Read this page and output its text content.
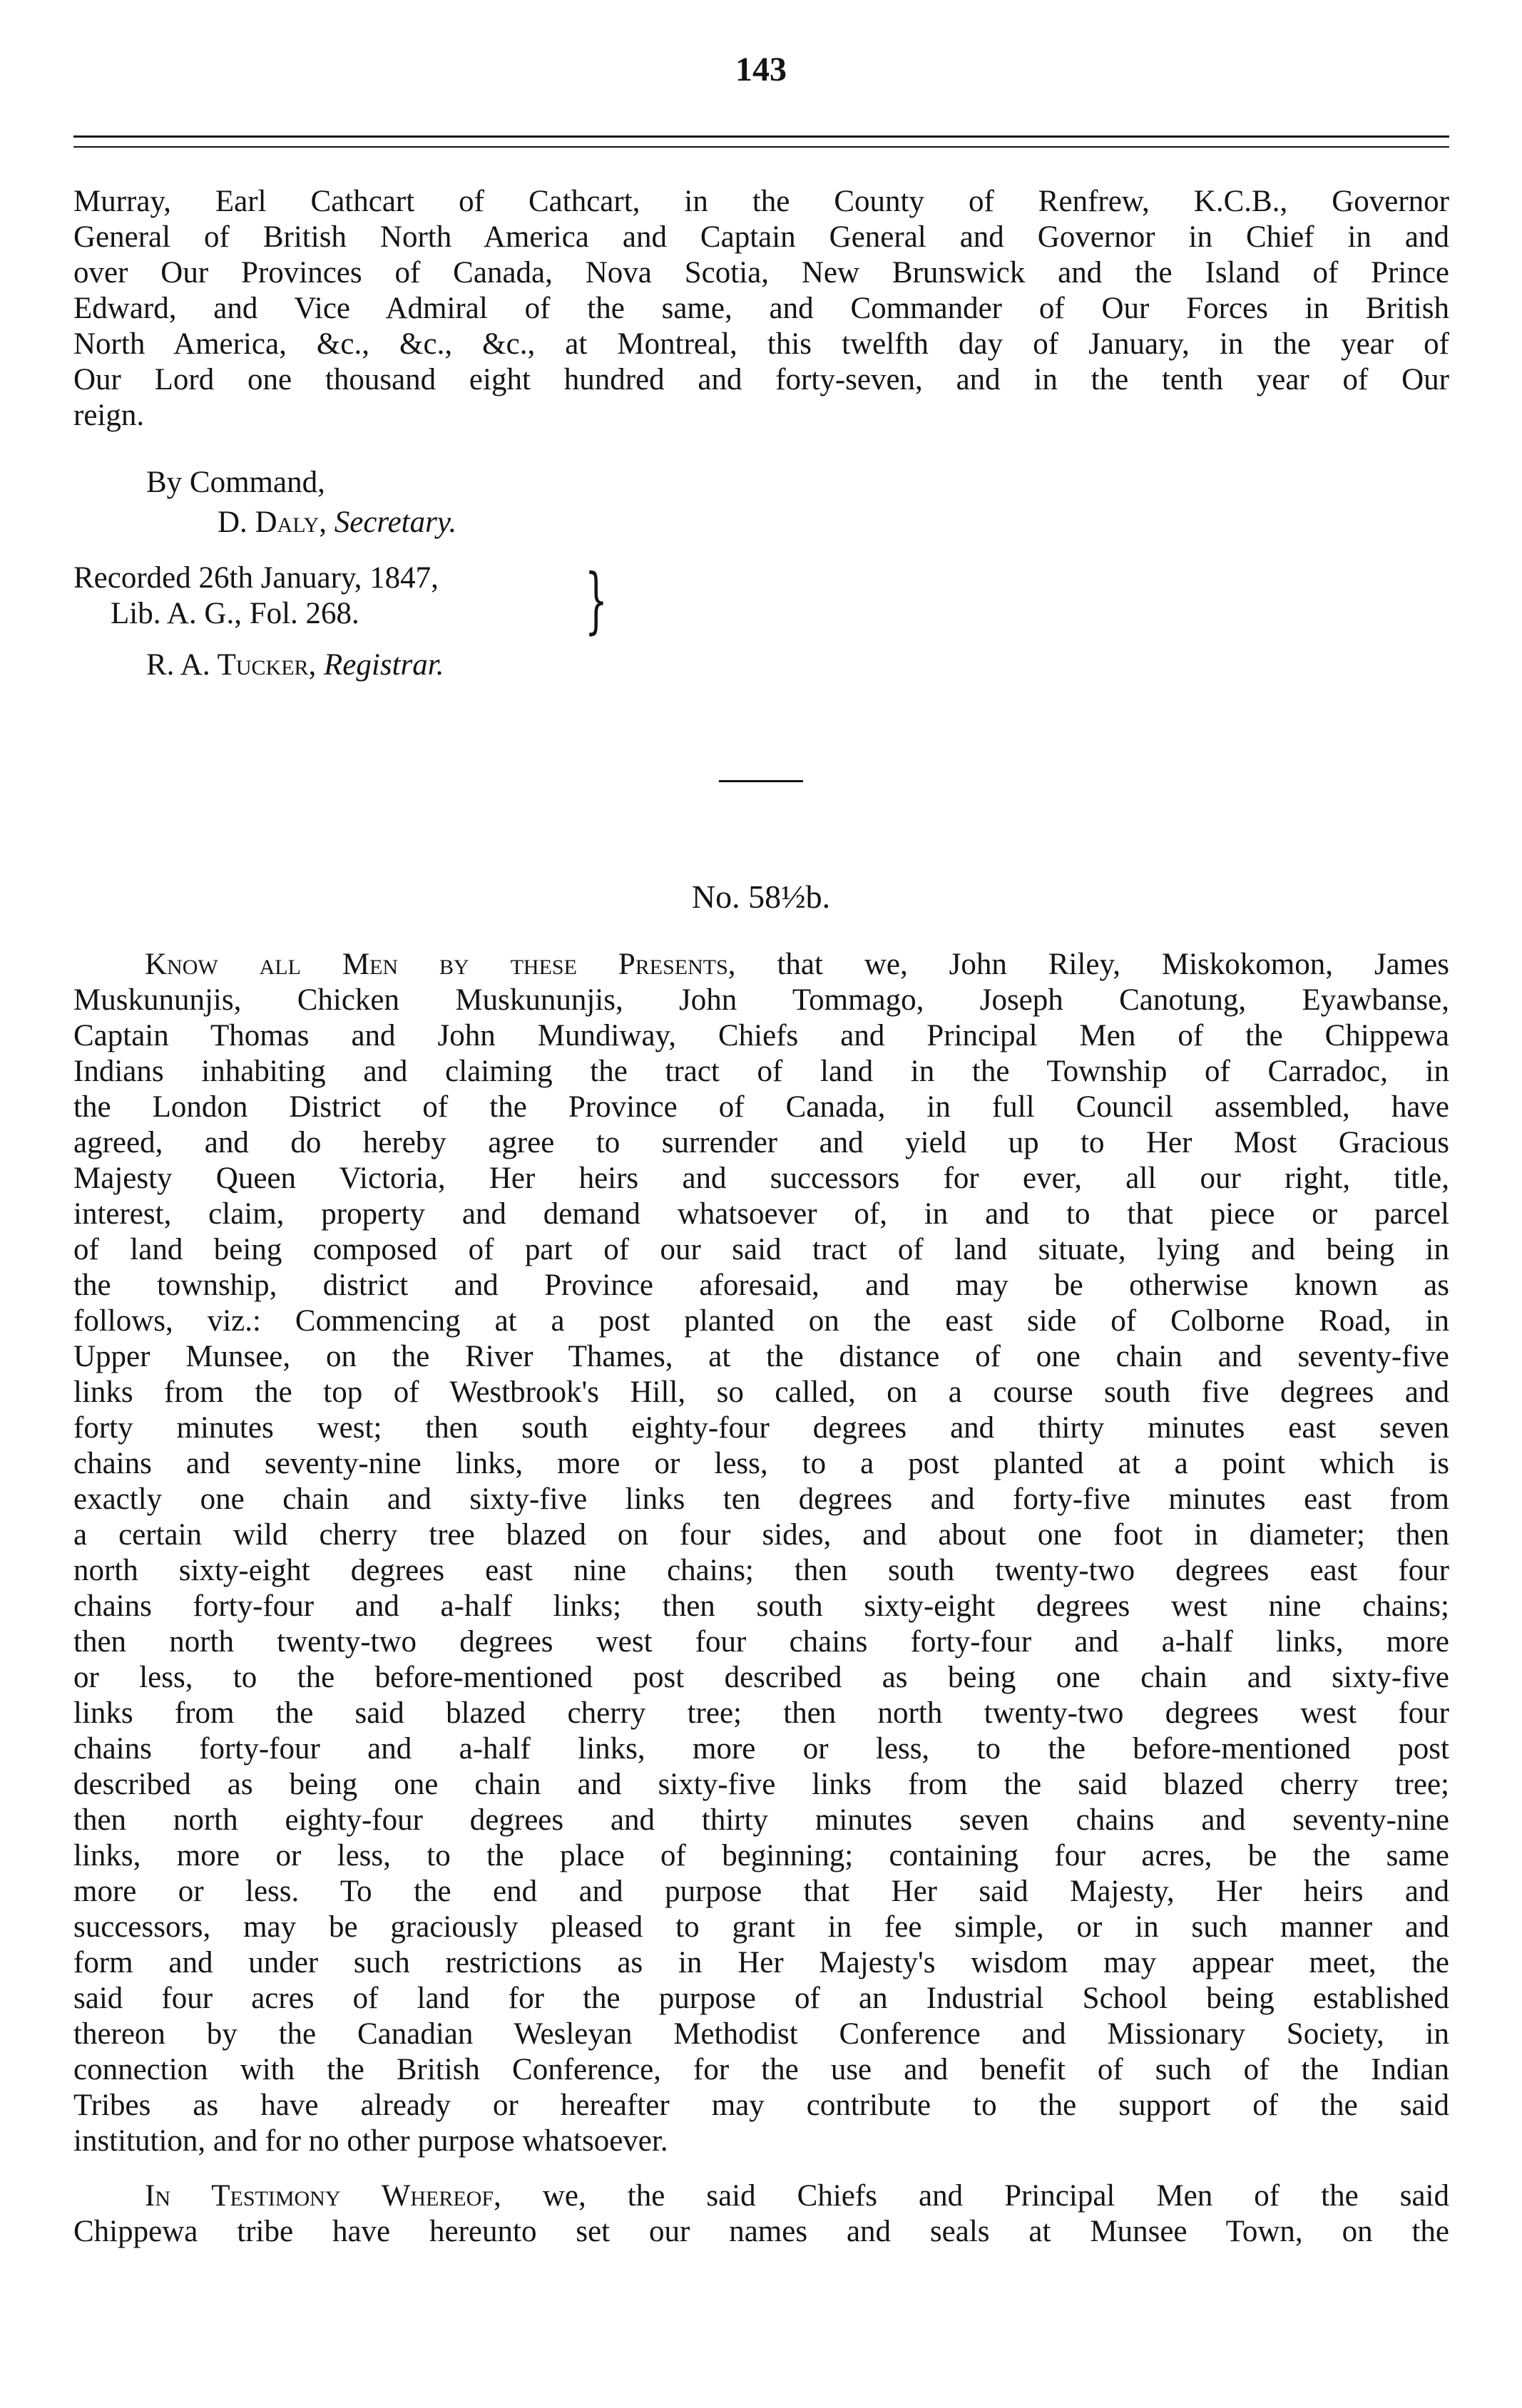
143
Murray, Earl Cathcart of Cathcart, in the County of Renfrew, K.C.B., Governor
General of British North America and Captain General and Governor in Chief in and
over Our Provinces of Canada, Nova Scotia, New Brunswick and the Island of Prince
Edward, and Vice Admiral of the same, and Commander of Our Forces in British
North America, &c., &c., &c., at Montreal, this twelfth day of January, in the year of
Our Lord one thousand eight hundred and forty-seven, and in the tenth year of Our
reign.
By Command,
D. Daly, Secretary.
Recorded 26th January, 1847,
Lib. A. G., Fol. 268.	}
R. A. Tucker, Registrar.
No. 58½b.
Know all Men by these Presents, that we, John Riley, Miskokomon, James
Muskununjis, Chicken Muskununjis, John Tommago, Joseph Canotung, Eyawbanse,
Captain Thomas and John Mundiway, Chiefs and Principal Men of the Chippewa
Indians inhabiting and claiming the tract of land in the Township of Carradoc, in
the London District of the Province of Canada, in full Council assembled, have
agreed, and do hereby agree to surrender and yield up to Her Most Gracious
Majesty Queen Victoria, Her heirs and successors for ever, all our right, title,
interest, claim, property and demand whatsoever of, in and to that piece or parcel
of land being composed of part of our said tract of land situate, lying and being in
the township, district and Province aforesaid, and may be otherwise known as
follows, viz.: Commencing at a post planted on the east side of Colborne Road, in
Upper Munsee, on the River Thames, at the distance of one chain and seventy-five
links from the top of Westbrook's Hill, so called, on a course south five degrees and
forty minutes west; then south eighty-four degrees and thirty minutes east seven
chains and seventy-nine links, more or less, to a post planted at a point which is
exactly one chain and sixty-five links ten degrees and forty-five minutes east from
a certain wild cherry tree blazed on four sides, and about one foot in diameter; then
north sixty-eight degrees east nine chains; then south twenty-two degrees east four
chains forty-four and a-half links; then south sixty-eight degrees west nine chains;
then north twenty-two degrees west four chains forty-four and a-half links, more
or less, to the before-mentioned post described as being one chain and sixty-five
links from the said blazed cherry tree; then north twenty-two degrees west four
chains forty-four and a-half links, more or less, to the before-mentioned post
described as being one chain and sixty-five links from the said blazed cherry tree;
then north eighty-four degrees and thirty minutes seven chains and seventy-nine
links, more or less, to the place of beginning; containing four acres, be the same
more or less. To the end and purpose that Her said Majesty, Her heirs and
successors, may be graciously pleased to grant in fee simple, or in such manner and
form and under such restrictions as in Her Majesty's wisdom may appear meet, the
said four acres of land for the purpose of an Industrial School being established
thereon by the Canadian Wesleyan Methodist Conference and Missionary Society, in
connection with the British Conference, for the use and benefit of such of the Indian
Tribes as have already or hereafter may contribute to the support of the said
institution, and for no other purpose whatsoever.
In Testimony Whereof, we, the said Chiefs and Principal Men of the said
Chippewa tribe have hereunto set our names and seals at Munsee Town, on the
